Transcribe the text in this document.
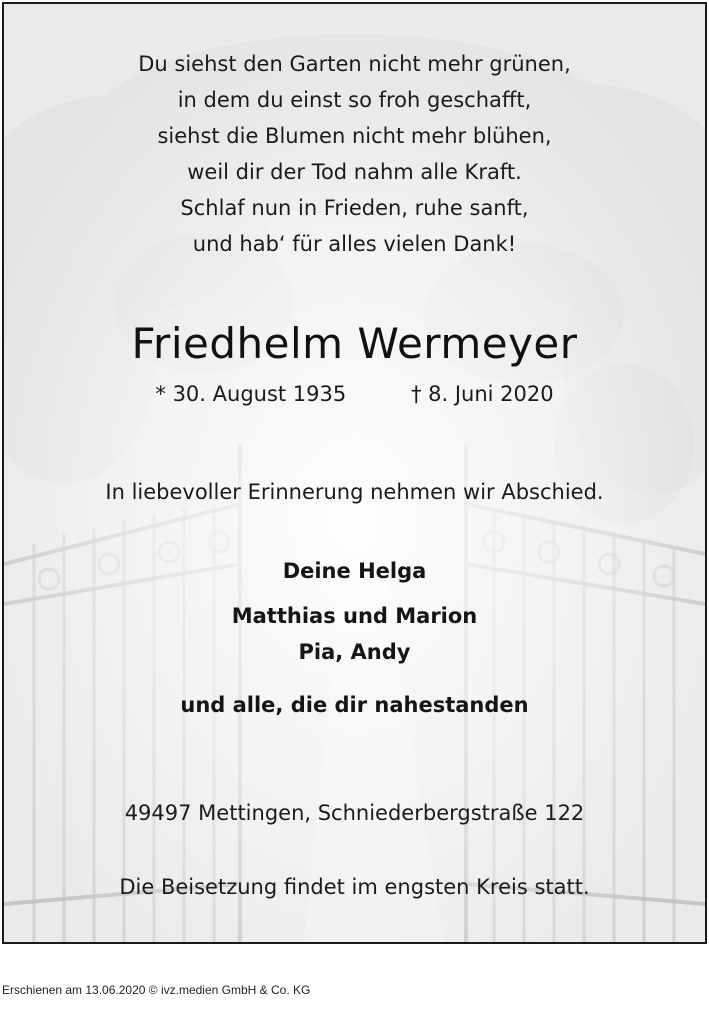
Du siehst den Garten nicht mehr grünen,
in dem du einst so froh geschafft,
siehst die Blumen nicht mehr blühen,
weil dir der Tod nahm alle Kraft.
Schlaf nun in Frieden, ruhe sanft,
und hab‘ für alles vielen Dank!
Friedhelm Wermeyer
* 30. August 1935	† 8. Juni 2020
In liebevoller Erinnerung nehmen wir Abschied.
Deine Helga
Matthias und Marion
Pia, Andy
und alle, die dir nahestanden
49497 Mettingen, Schniederbergstraße 122
Die Beisetzung findet im engsten Kreis statt.
Erschienen am 13.06.2020 © ivz.medien GmbH & Co. KG
